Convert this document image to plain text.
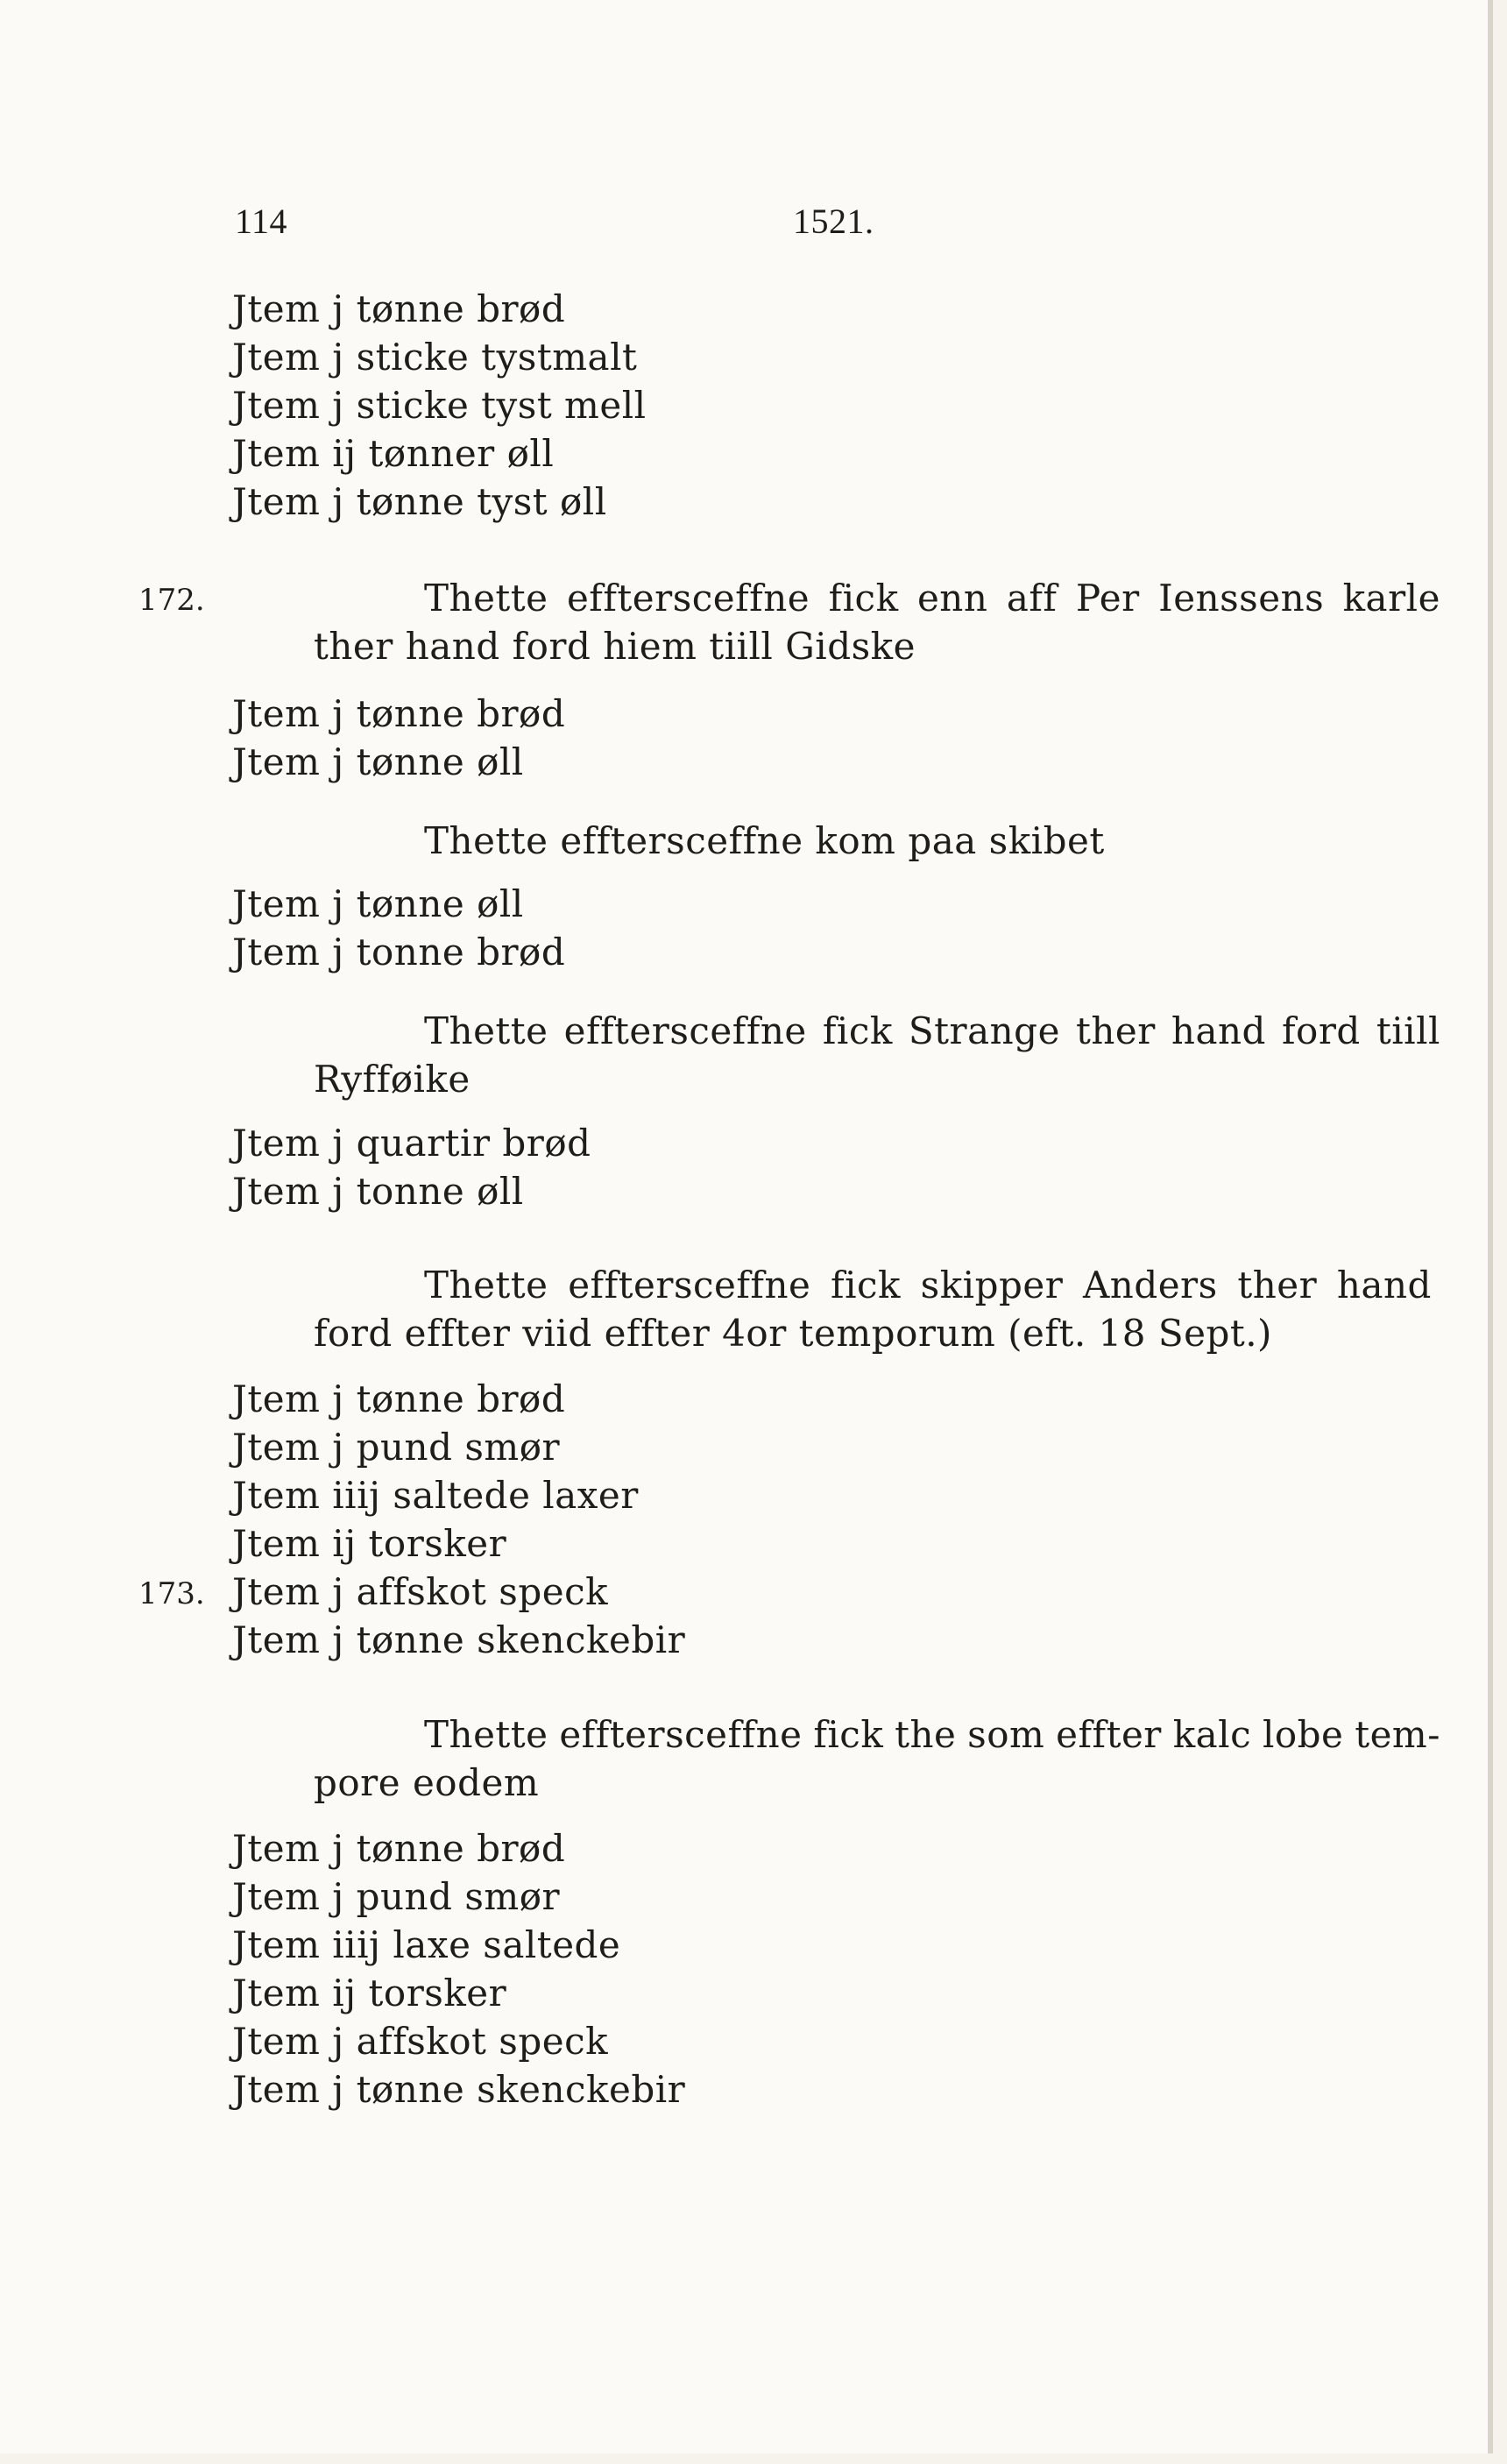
114	1521.
Jtem j tønne brød
Jtem j sticke tystmalt
Jtem j sticke tyst mell
Jtem ij tønner øll
Jtem j tønne tyst øll
172.	Thette efftersceffne fick enn aff Per Ienssens karle
ther hand ford hiem tiill Gidske
Jtem j tønne brød
Jtem j tønne øll
Thette efftersceffne kom paa skibet
Jtem j tønne øll
Jtem j tonne brød
Thette efftersceffne fick Strange ther hand ford tiill
Ryfføike
Jtem j quartir brød
Jtem j tonne øll
Thette efftersceffne fick skipper Anders ther hand
ford effter viid effter 4or temporum (eft. 18 Sept.)
Jtem j tønne brød
Jtem j pund smør
Jtem iiij saltede laxer
Jtem ij torsker
173. Jtem j affskot speck
Jtem j tønne skenckebir
Thette efftersceffne fick the som effter kalc lobe tem-
pore eodem
Jtem j tønne brød
Jtem j pund smør
Jtem iiij laxe saltede
Jtem ij torsker
Jtem j affskot speck
Jtem j tønne skenckebir
